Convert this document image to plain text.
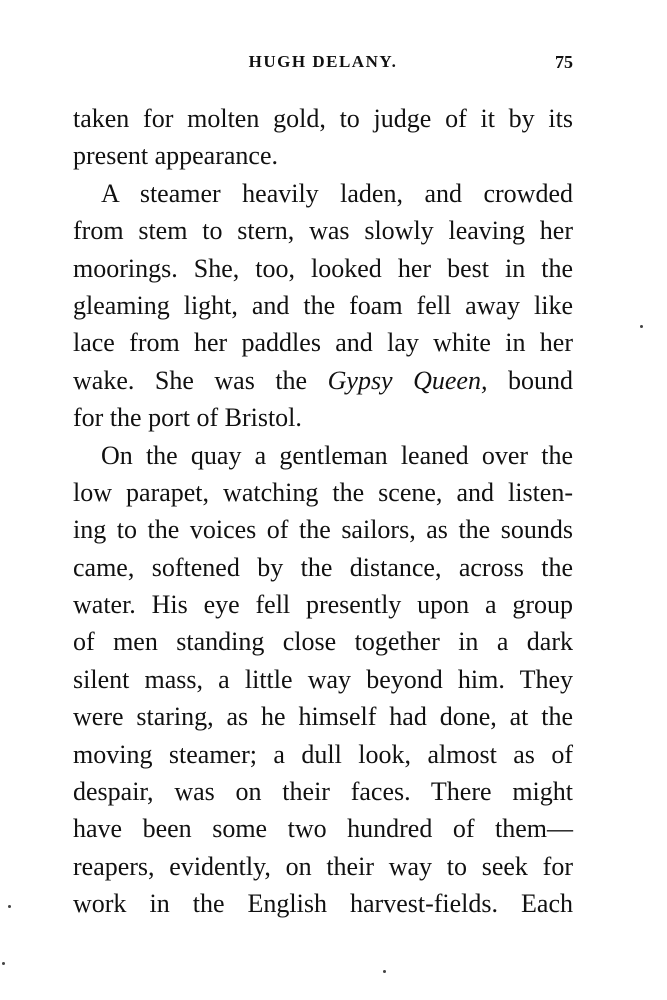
HUGH DELANY.	75
taken for molten gold, to judge of it by its
present appearance.
A steamer heavily laden, and crowded
from stem to stern, was slowly leaving her
moorings. She, too, looked her best in the
gleaming light, and the foam fell away like
lace from her paddles and lay white in her
wake. She was the Gypsy Queen, bound
for the port of Bristol.
On the quay a gentleman leaned over the
low parapet, watching the scene, and listen-
ing to the voices of the sailors, as the sounds
came, softened by the distance, across the
water. His eye fell presently upon a group
of men standing close together in a dark
silent mass, a little way beyond him. They
were staring, as he himself had done, at the
moving steamer; a dull look, almost as of
despair, was on their faces. There might
have been some two hundred of them—
reapers, evidently, on their way to seek for
work in the English harvest-fields. Each
